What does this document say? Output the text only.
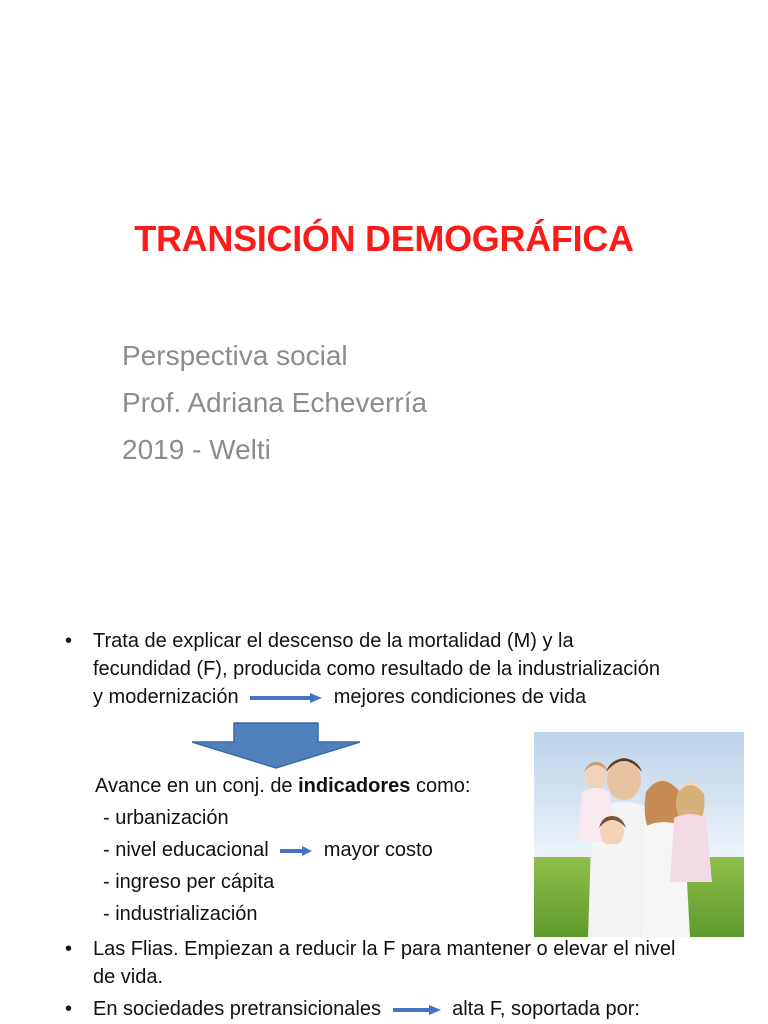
TRANSICIÓN DEMOGRÁFICA
Perspectiva social
Prof. Adriana Echeverría
2019 - Welti
• Trata de explicar el descenso de la mortalidad (M) y la
fecundidad (F), producida como resultado de la industrialización
y modernización	mejores condiciones de vida
Avance en un conj. de indicadores como:
- urbanización
- nivel educacional	mayor costo
- ingreso per cápita
- industrialización
• Las Flias. Empiezan a reducir la F para mantener o elevar el nivel
de vida.
• En sociedades pretransicionales	alta F, soportada por:
